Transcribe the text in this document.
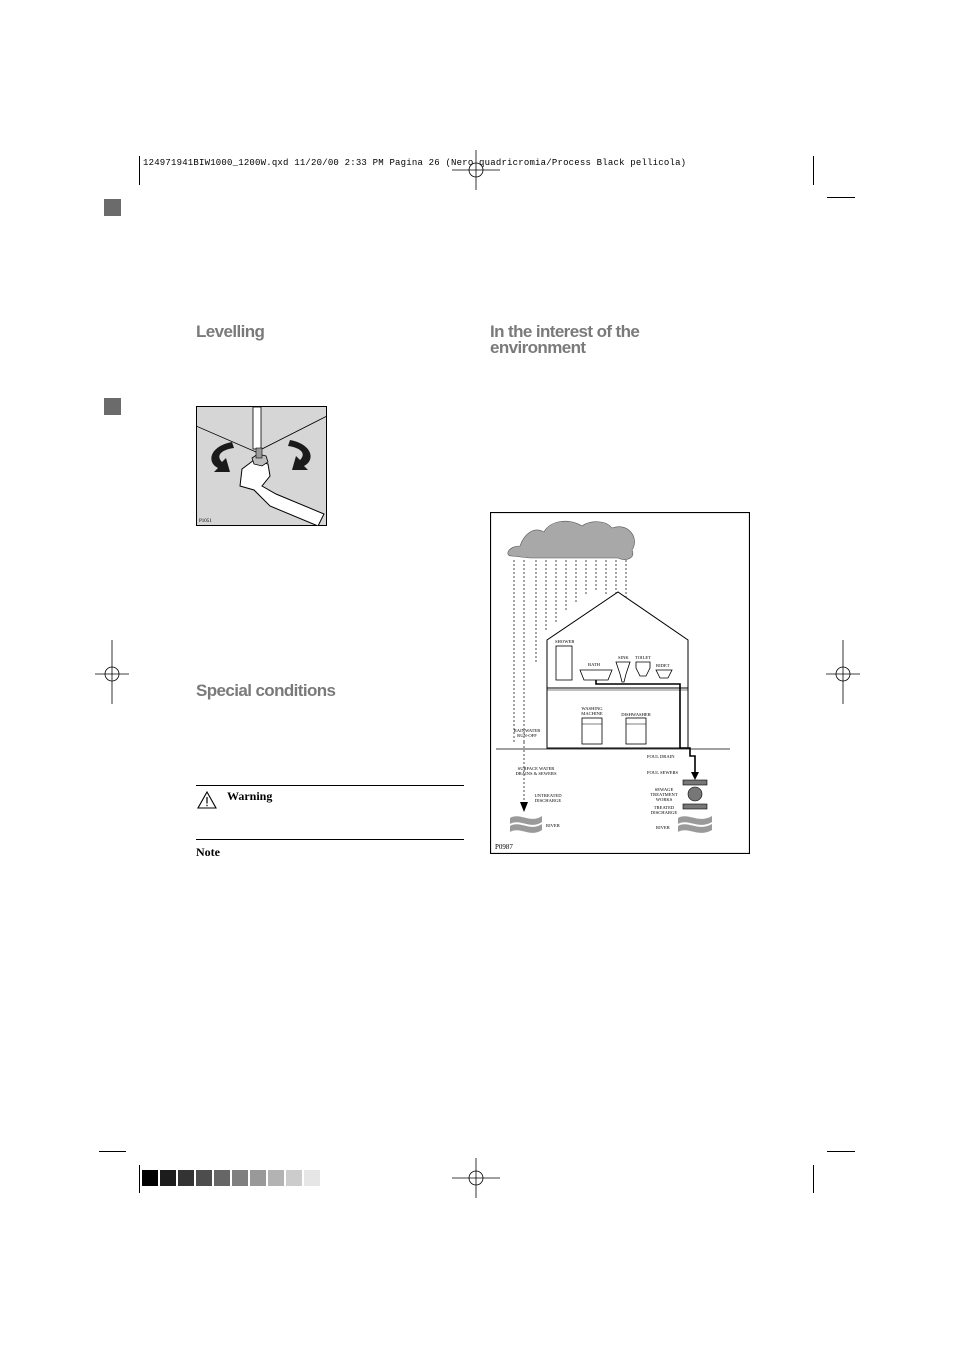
124971941BIW1000_1200W.qxd 11/20/00 2:33 PM Pagina 26 (Nero quadricromia/Process Black pellicola)
Levelling
P1051
Special conditions
Warning
Note
In the interest of the
environment
SHOWER
BATH
SINK TOILET
BIDET
WASHING
MACHINE	DISHWASHER
RAINWATER
RUN-OFF
SURFACE WATER
DRAINS & SEWERS
UNTREATED
DISCHARGE
RIVER
FOUL DRAIN
FOUL SEWERS
SEWAGE
TREATMENT
WORKS
TREATED
DISCHARGE
RIVER
P0987
